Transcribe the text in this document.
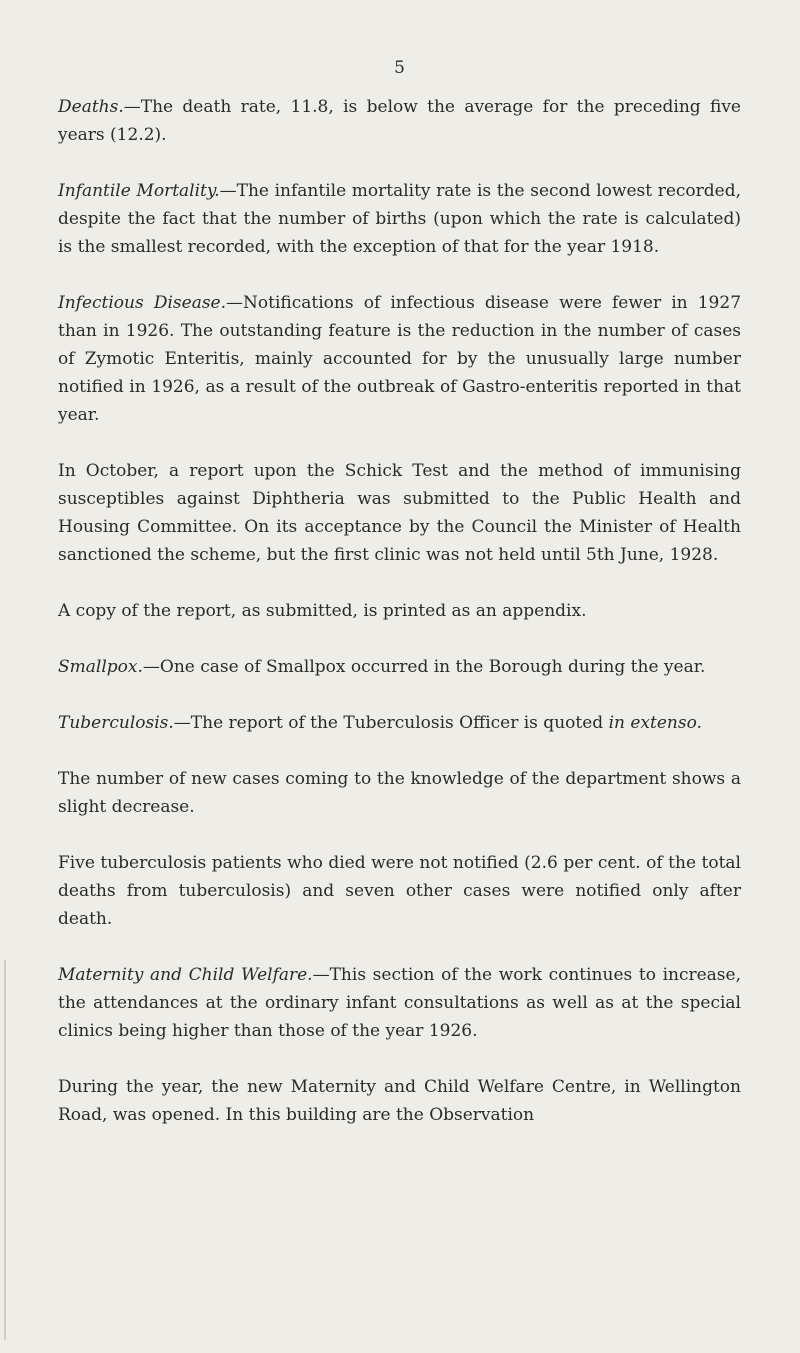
5

Deaths.—The death rate, 11.8, is below the average for the preceding five years (12.2).

Infantile Mortality.—The infantile mortality rate is the second lowest recorded, despite the fact that the number of births (upon which the rate is calculated) is the smallest recorded, with the exception of that for the year 1918.

Infectious Disease.—Notifications of infectious disease were fewer in 1927 than in 1926. The outstanding feature is the reduction in the number of cases of Zymotic Enteritis, mainly accounted for by the unusually large number notified in 1926, as a result of the outbreak of Gastro-enteritis reported in that year.

In October, a report upon the Schick Test and the method of immunising susceptibles against Diphtheria was submitted to the Public Health and Housing Committee. On its acceptance by the Council the Minister of Health sanctioned the scheme, but the first clinic was not held until 5th June, 1928.

A copy of the report, as submitted, is printed as an appendix.

Smallpox.—One case of Smallpox occurred in the Borough during the year.

Tuberculosis.—The report of the Tuberculosis Officer is quoted in extenso.

The number of new cases coming to the knowledge of the department shows a slight decrease.

Five tuberculosis patients who died were not notified (2.6 per cent. of the total deaths from tuberculosis) and seven other cases were notified only after death.

Maternity and Child Welfare.—This section of the work continues to increase, the attendances at the ordinary infant consultations as well as at the special clinics being higher than those of the year 1926.

During the year, the new Maternity and Child Welfare Centre, in Wellington Road, was opened. In this building are the Observation
